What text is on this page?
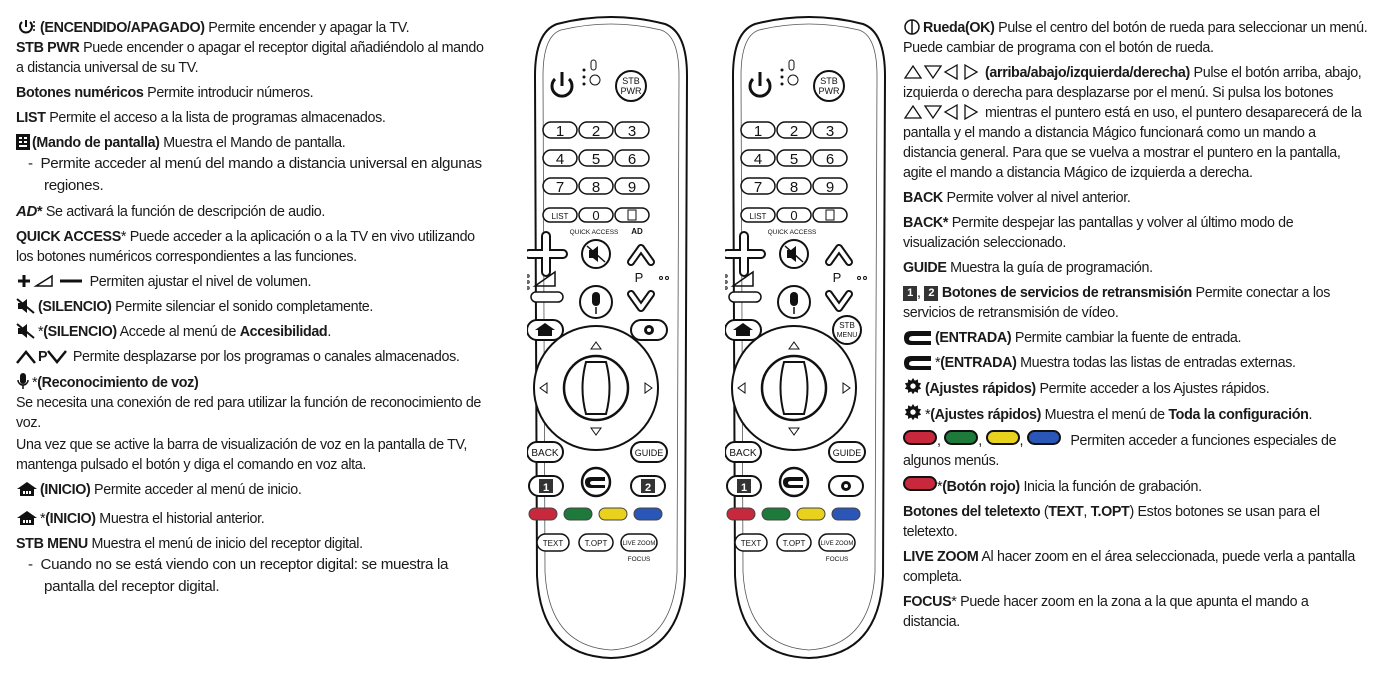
(ENCENDIDO/APAGADO) Permite encender y apagar la TV.

STB PWR Puede encender o apagar el receptor digital añadiéndolo al mando a distancia universal de su TV.

Botones numéricos Permite introducir números.

LIST Permite el acceso a la lista de programas almacenados.

(Mando de pantalla) Muestra el Mando de pantalla.

-  Permite acceder al menú del mando a distancia universal en algunas regiones.

AD* Se activará la función de descripción de audio.

QUICK ACCESS* Puede acceder a la aplicación o a la TV en vivo utilizando los botones numéricos correspondientes a las funciones.

Permiten ajustar el nivel de volumen.

(SILENCIO) Permite silenciar el sonido completamente.

*(SILENCIO) Accede al menú de Accesibilidad.

P Permite desplazarse por los programas o canales almacenados.

*(Reconocimiento de voz)

Se necesita una conexión de red para utilizar la función de reconocimiento de voz.

Una vez que se active la barra de visualización de voz en la pantalla de TV, mantenga pulsado el botón y diga el comando en voz alta.

(INICIO) Permite acceder al menú de inicio.

*(INICIO) Muestra el historial anterior.

STB MENU Muestra el menú de inicio del receptor digital.

-  Cuando no se está viendo con un receptor digital: se muestra la pantalla del receptor digital.

STB
PWR
1 2 3
4 5 6
7 8 9
LIST 0
QUICK ACCESS AD
P
BACK	GUIDE
1	2
TEXT	T.OPT	LIVE ZOOM
FOCUS
STB
PWR
1 2 3
4 5 6
7 8 9
LIST 0
QUICK ACCESS
P
STB
MENU
BACK	GUIDE
1
TEXT	T.OPT	LIVE ZOOM
FOCUS

Rueda(OK) Pulse el centro del botón de rueda para seleccionar un menú. Puede cambiar de programa con el botón de rueda.

(arriba/abajo/izquierda/derecha) Pulse el botón arriba, abajo, izquierda o derecha para desplazarse por el menú. Si pulsa los botones mientras el puntero está en uso, el puntero desaparecerá de la pantalla y el mando a distancia Mágico funcionará como un mando a distancia general. Para que se vuelva a mostrar el puntero en la pantalla, agite el mando a distancia Mágico de izquierda a derecha.

BACK Permite volver al nivel anterior.

BACK* Permite despejar las pantallas y volver al último modo de visualización seleccionado.

GUIDE Muestra la guía de programación.

1 , 2 Botones de servicios de retransmisión Permite conectar a los servicios de retransmisión de vídeo.

(ENTRADA) Permite cambiar la fuente de entrada.

*(ENTRADA) Muestra todas las listas de entradas externas.

(Ajustes rápidos) Permite acceder a los Ajustes rápidos.

*(Ajustes rápidos) Muestra el menú de Toda la configuración.

, , ,	Permiten acceder a funciones especiales de algunos menús.

*(Botón rojo) Inicia la función de grabación.

Botones del teletexto (TEXT, T.OPT) Estos botones se usan para el teletexto.

LIVE ZOOM Al hacer zoom en el área seleccionada, puede verla a pantalla completa.

FOCUS* Puede hacer zoom en la zona a la que apunta el mando a distancia.
